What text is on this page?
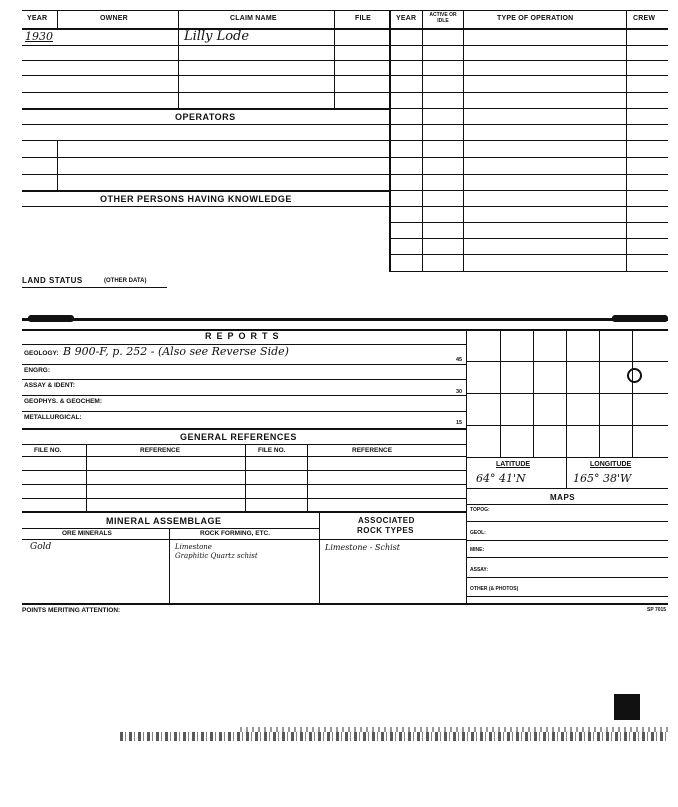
YEAR	OWNER	CLAIM NAME	FILE	YEAR	ACTIVE OR IDLE	TYPE OF OPERATION	CREW
1930	Lilly Lode
OPERATORS
OTHER PERSONS HAVING KNOWLEDGE
LAND STATUS	(OTHER DATA)
REPORTS
GEOLOGY: B 900-F, p. 252 - (Also see Reverse Side)
45
ENGRG:
ASSAY & IDENT:
30
GEOPHYS. & GEOCHEM:
METALLURGICAL:
15
GENERAL REFERENCES
FILE NO.	REFERENCE	FILE NO.	REFERENCE
LATITUDE	LONGITUDE
64° 41'N	165° 38'W
MAPS
TOPOG:
GEOL:
MINE:
ASSAY:
OTHER (& PHOTOS)
MINERAL ASSEMBLAGE
ORE MINERALS	ROCK FORMING, ETC.
Gold	Limestone
Graphitic Quartz schist
ASSOCIATED
ROCK TYPES
Limestone - Schist
POINTS MERITING ATTENTION:	SP 7015
